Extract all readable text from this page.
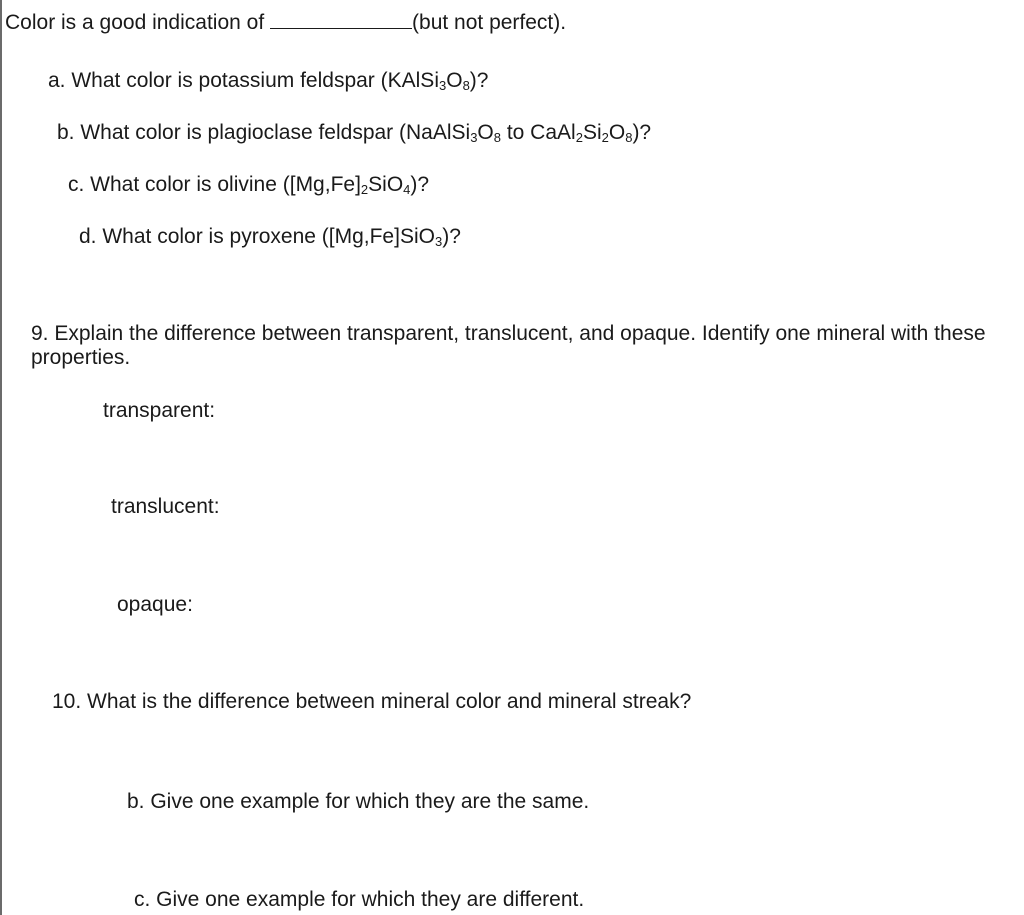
Color is a good indication of	(but not perfect).
a. What color is potassium feldspar $(KAlSi_3O_8)$?
b. What color is plagioclase feldspar ($NaAlSi_3O_8$ to $CaAl_2Si_2O_8$)?
c. What color is olivine $([Mg,Fe]_2SiO_4)$?
d. What color is pyroxene ([Mg,Fe]SiO$_3$)?
9. Explain the difference between transparent, translucent, and opaque. Identify one mineral with these properties.
transparent:
translucent:
opaque:
10. What is the difference between mineral color and mineral streak?
b. Give one example for which they are the same.
c. Give one example for which they are different.
